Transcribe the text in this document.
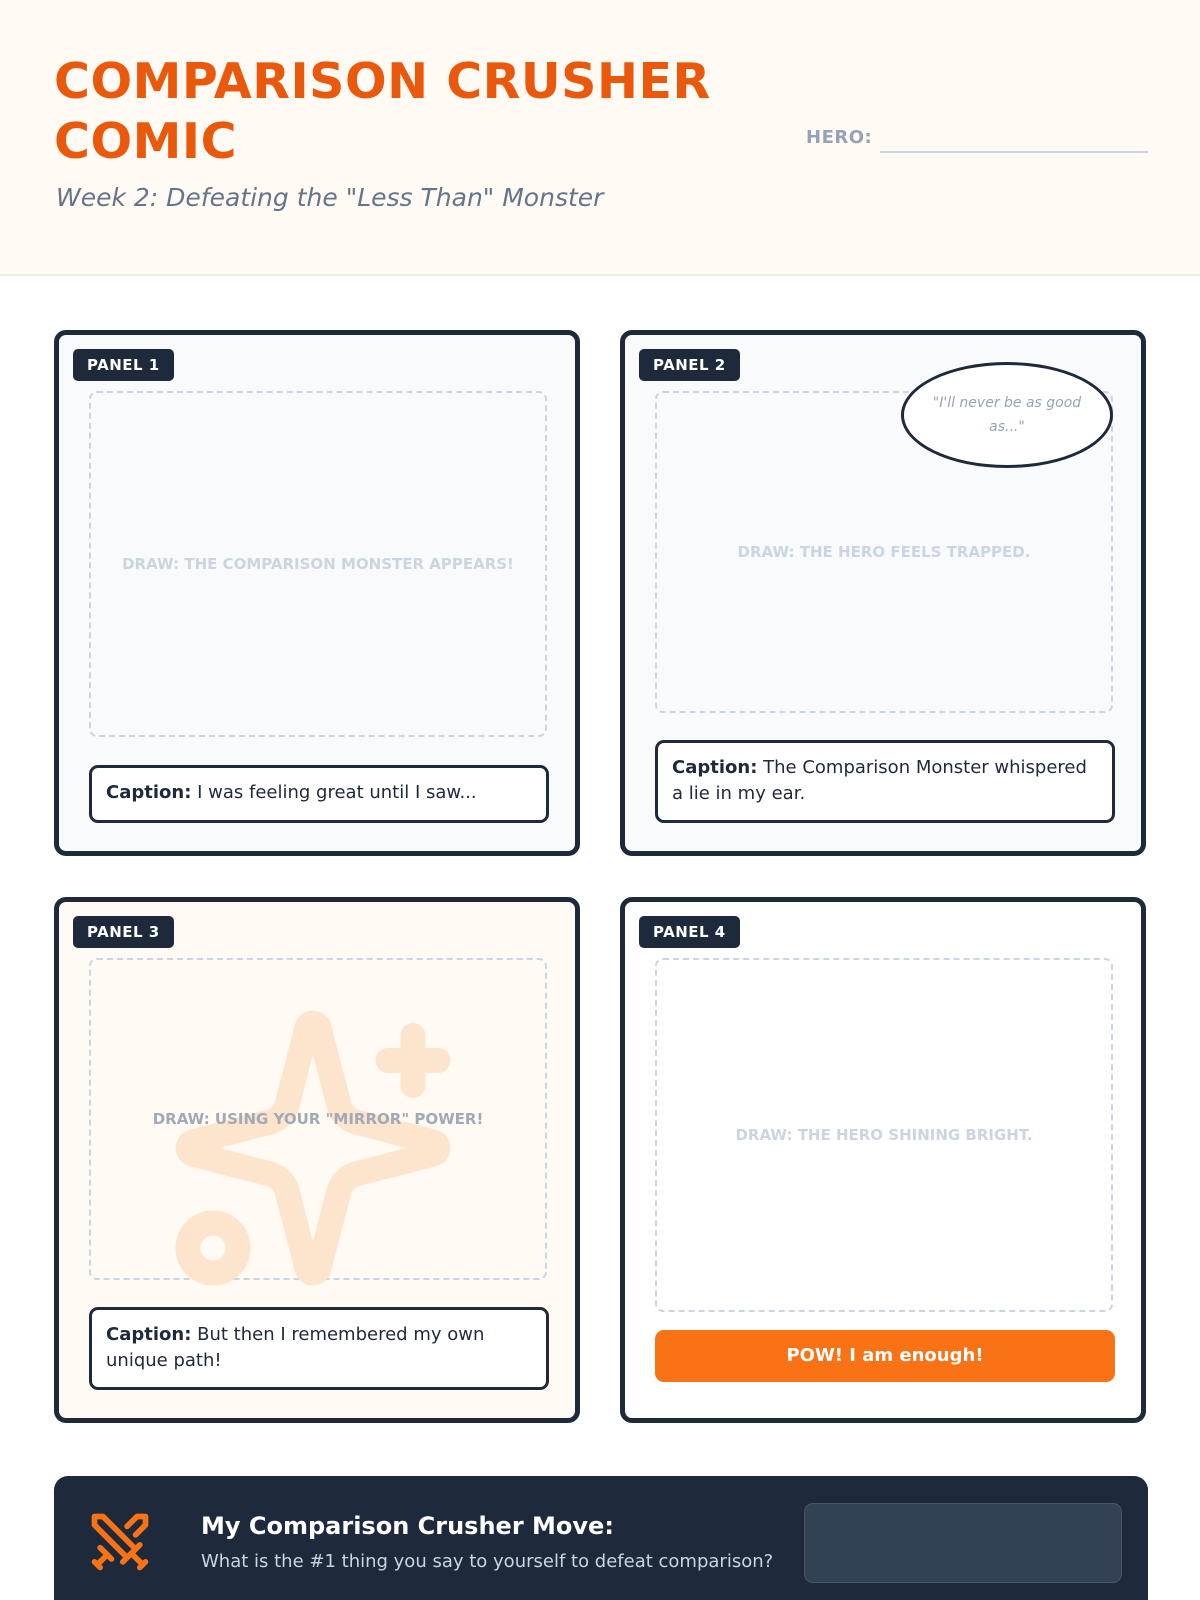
COMPARISON CRUSHER COMIC
Week 2: Defeating the "Less Than" Monster
HERO:
PANEL 1
DRAW: THE COMPARISON MONSTER APPEARS!
Caption: I was feeling great until I saw...
PANEL 2
DRAW: THE HERO FEELS TRAPPED.
"I'll never be as good as..."
Caption: The Comparison Monster whispered a lie in my ear.
PANEL 3
DRAW: USING YOUR "MIRROR" POWER!
Caption: But then I remembered my own unique path!
PANEL 4
DRAW: THE HERO SHINING BRIGHT.
POW! I am enough!
My Comparison Crusher Move:
What is the #1 thing you say to yourself to defeat comparison?
